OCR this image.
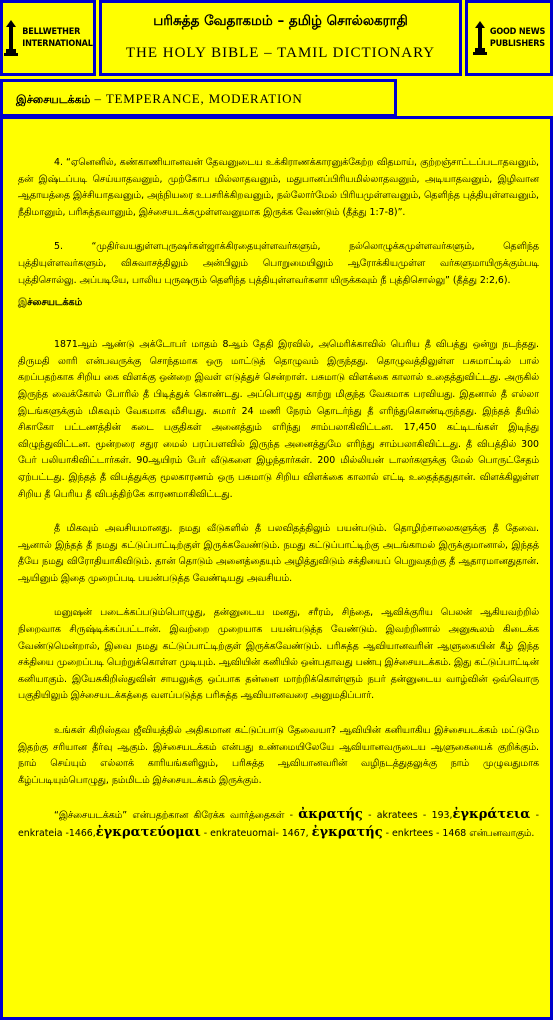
BELLWETHER
INTERNATIONAL
பரிசுத்த வேதாகமம் – தமிழ் சொல்லகராதி
THE HOLY BIBLE – TAMIL DICTIONARY
GOOD NEWS
PUBLISHERS
இச்சையடக்கம் – TEMPERANCE, MODERATION

4. “ஏனெனில், கண்காணியானவன் தேவனுடைய உக்கிராணக்காரனுக்கேற்ற விதமாய், குற்றஞ்சாட்டப்படாதவனும், தன் இஷ்டப்படி செய்யாதவனும், முற்கோப மில்லாதவனும், மதுபானப்பிரியமில்லாதவனும், அடியாதவனும், இழிவான ஆதாயத்தை இச்சியாதவனும், அந்நியரை உபசரிக்கிறவனும், நல்லோர்மேல் பிரியமுள்ளவனும், தெளிந்த புத்தியுள்ளவனும், நீதிமானும், பரிசுத்தவானும், இச்சையடக்கமுள்ளவனுமாக இருக்க வேண்டும் (தீத்து 1:7-8)”.

5. “முதிர்வயதுள்ளபுருஷர்கள்ஜாக்கிரதையுள்ளவர்களும், நல்லொழுக்கமுள்ளவர்களும், தெளிந்த புத்தியுள்ளவர்களும், விசுவாசத்திலும் அன்பிலும் பொறுமையிலும் ஆரோக்கியமுள்ள வர்களுமாயிருக்கும்படி புத்திசொல்லு. அப்படியே, பாலிய புருஷரும் தெளிந்த புத்தியுள்ளவர்களா யிருக்கவும் நீ புத்திசொல்லு” (தீத்து 2:2,6).

இச்சையடக்கம்

1871ஆம் ஆண்டு அக்டோபர் மாதம் 8ஆம் தேதி இரவில், அமெரிக்காவில் பெரிய தீ விபத்து ஒன்று நடந்தது. திருமதி லாரி என்பவருக்கு சொந்தமாக ஒரு மாட்டுத் தொழுவம் இருந்தது. தொழுவத்திலுள்ள பசுமாட்டில் பால் கறப்பதற்காக சிறிய கை விளக்கு ஒன்றை இவள் எடுத்துச் சென்றாள். பசுமாடு விளக்கை காலால் உதைத்துவிட்டது. அருகில் இருந்த வைக்கோல் போரில் தீ பிடித்துக் கொண்டது. அப்பொழுது காற்று மிகுந்த வேகமாக பரவியது. இதனால் தீ எல்லா இடங்களுக்கும் மிகவும் வேகமாக வீசியது. சுமார் 24 மணி நேரம் தொடர்ந்து தீ எரிந்துகொண்டிருந்தது. இந்தத் தீயில் சிகாகோ பட்டணத்தின் கடை பகுதிகள் அனைத்தும் எரிந்து சாம்பலாகிவிட்டன. 17,450 கட்டிடங்கள் இடிந்து விழுந்துவிட்டன. மூன்றரை சதுர மைல் பரப்பளவில் இருந்த அனைத்துமே எரிந்து சாம்பலாகிவிட்டது. தீ விபத்தில் 300 பேர் பலியாகிவிட்டார்கள். 90ஆயிரம் பேர் வீடுகளை இழந்தார்கள். 200 மில்லியன் டாலர்களுக்கு மேல் பொருட்சேதம் ஏற்பட்டது. இந்தத் தீ விபத்துக்கு மூலகாரணம் ஒரு பசுமாடு சிறிய விளக்கை காலால் எட்டி உதைத்ததுதான். விளக்கிலுள்ள சிறிய தீ பெரிய தீ விபத்திற்கே காரணமாகிவிட்டது.

தீ மிகவும் அவசியமானது. நமது வீடுகளில் தீ பலவிதத்திலும் பயன்படும். தொழிற்சாலைகளுக்கு தீ தேவை. ஆனால் இந்தத் தீ நமது கட்டுப்பாட்டிற்குள் இருக்கவேண்டும். நமது கட்டுப்பாட்டிற்கு அடங்காமல் இருக்குமானால், இந்தத் தீயே நமது விரோதியாகிவிடும். தான் தொடும் அனைத்தையும் அழித்துவிடும் சக்தியைப் பெறுவதற்கு தீ ஆதாரமானதுதான். ஆயினும் இதை முறைப்படி பயன்படுத்த வேண்டியது அவசியம்.

மனுஷன் படைக்கப்படும்பொழுது, தன்னுடைய மனது, சரீரம், சிந்தை, ஆவிக்குரிய பெலன் ஆகியவற்றில் நிறைவாக சிருஷ்டிக்கப்பட்டான். இவற்றை முறையாக பயன்படுத்த வேண்டும். இவற்றினால் அனுகூலம் கிடைக்க வேண்டுமென்றால், இவை நமது கட்டுப்பாட்டிற்குள் இருக்கவேண்டும். பரிசுத்த ஆவியானவரின் ஆளுகையின் கீழ் இந்த சக்தியை முறைப்படி பெற்றுக்கொள்ள முடியும். ஆவியின் கனியில் ஒன்பதாவது பண்பு இச்சையடக்கம். இது கட்டுப்பாட்டின் கனியாகும். இயேசுகிறிஸ்துவின் சாயலுக்கு ஒப்பாக தன்னை மாற்றிக்கொள்ளும் நபர் தன்னுடைய வாழ்வின் ஒவ்வொரு பகுதியிலும் இச்சையடக்கத்தை வளப்படுத்த பரிசுத்த ஆவியானவரை அனுமதிப்பார்.

உங்கள் கிறிஸ்தவ ஜீவியத்தில் அதிகமான கட்டுப்பாடு தேவையா? ஆவியின் கனியாகிய இச்சையடக்கம் மட்டுமே இதற்கு சரியான தீர்வு ஆகும். இச்சையடக்கம் என்பது உண்மையிலேயே ஆவியானவருடைய ஆளுகையைக் குறிக்கும். நாம் செய்யும் எல்லாக் காரியங்களிலும், பரிசுத்த ஆவியானவரின் வழிநடத்துதலுக்கு நாம் முழுவதுமாக கீழ்ப்படியும்பொழுது, நம்மிடம் இச்சையடக்கம் இருக்கும்.

“இச்சையடக்கம்” என்பதற்கான கிரேக்க வார்த்தைகள் - ἀκρατής - akratees - 193,ἐγκράτεια - enkrateia -1466,ἐγκρατεύομαι - enkrateuomai- 1467, ἐγκρατής - enkrtees - 1468 என்பனவாகும்.
